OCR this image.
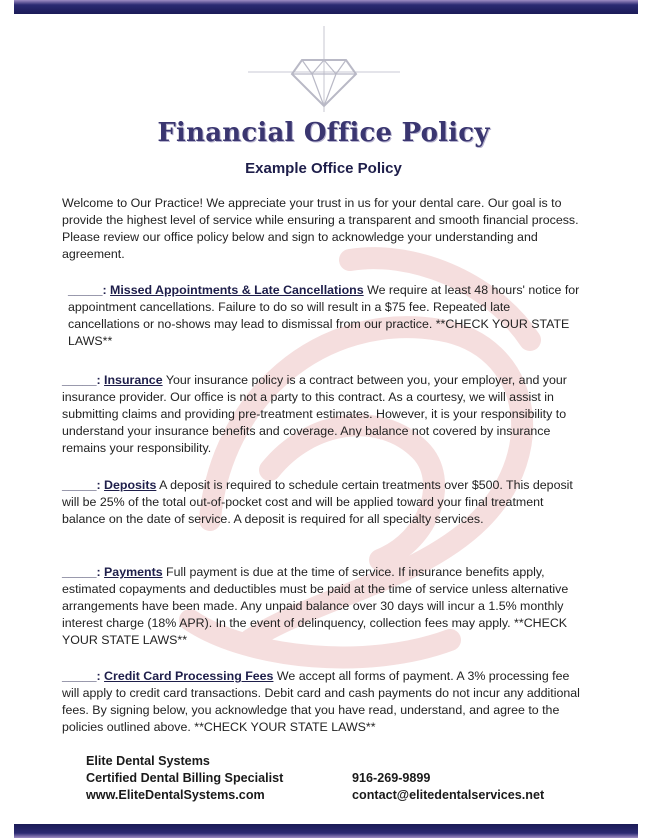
Financial Office Policy
Example Office Policy

Welcome to Our Practice! We appreciate your trust in us for your dental care. Our goal is to provide the highest level of service while ensuring a transparent and smooth financial process. Please review our office policy below and sign to acknowledge your understanding and agreement.

_____: Missed Appointments & Late Cancellations We require at least 48 hours' notice for appointment cancellations. Failure to do so will result in a $75 fee. Repeated late cancellations or no-shows may lead to dismissal from our practice. **CHECK YOUR STATE LAWS**

_____: Insurance Your insurance policy is a contract between you, your employer, and your insurance provider. Our office is not a party to this contract. As a courtesy, we will assist in submitting claims and providing pre-treatment estimates. However, it is your responsibility to understand your insurance benefits and coverage. Any balance not covered by insurance remains your responsibility.

_____: Deposits A deposit is required to schedule certain treatments over $500. This deposit will be 25% of the total out-of-pocket cost and will be applied toward your final treatment balance on the date of service. A deposit is required for all specialty services.

_____: Payments Full payment is due at the time of service. If insurance benefits apply, estimated copayments and deductibles must be paid at the time of service unless alternative arrangements have been made. Any unpaid balance over 30 days will incur a 1.5% monthly interest charge (18% APR). In the event of delinquency, collection fees may apply. **CHECK YOUR STATE LAWS**

_____: Credit Card Processing Fees We accept all forms of payment. A 3% processing fee will apply to credit card transactions. Debit card and cash payments do not incur any additional fees. By signing below, you acknowledge that you have read, understand, and agree to the policies outlined above. **CHECK YOUR STATE LAWS**

Elite Dental Systems
Certified Dental Billing Specialist
www.EliteDentalSystems.com
916-269-9899
contact@elitedentalservices.net
